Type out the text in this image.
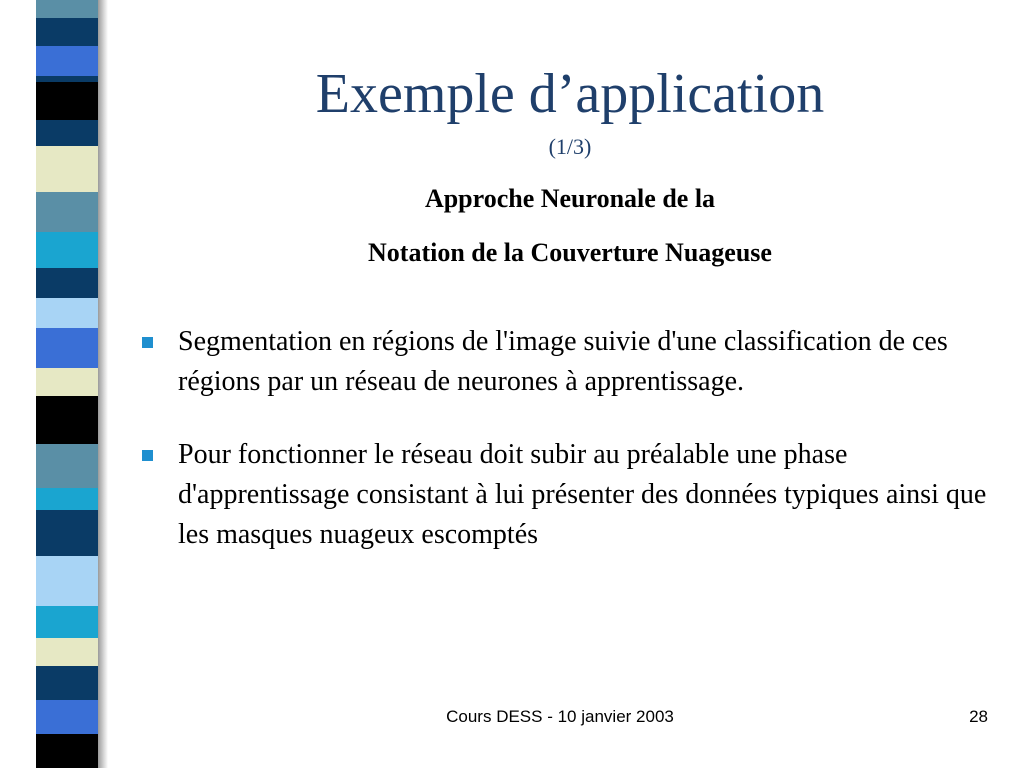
Exemple d’application
(1/3)
Approche Neuronale de la
Notation de la Couverture Nuageuse
Segmentation en régions de l'image suivie d'une classification de ces régions par un réseau de neurones à apprentissage.
Pour fonctionner le réseau doit subir au préalable une phase d'apprentissage consistant à lui présenter des données typiques ainsi que les masques nuageux escomptés
Cours DESS - 10 janvier 2003	28
